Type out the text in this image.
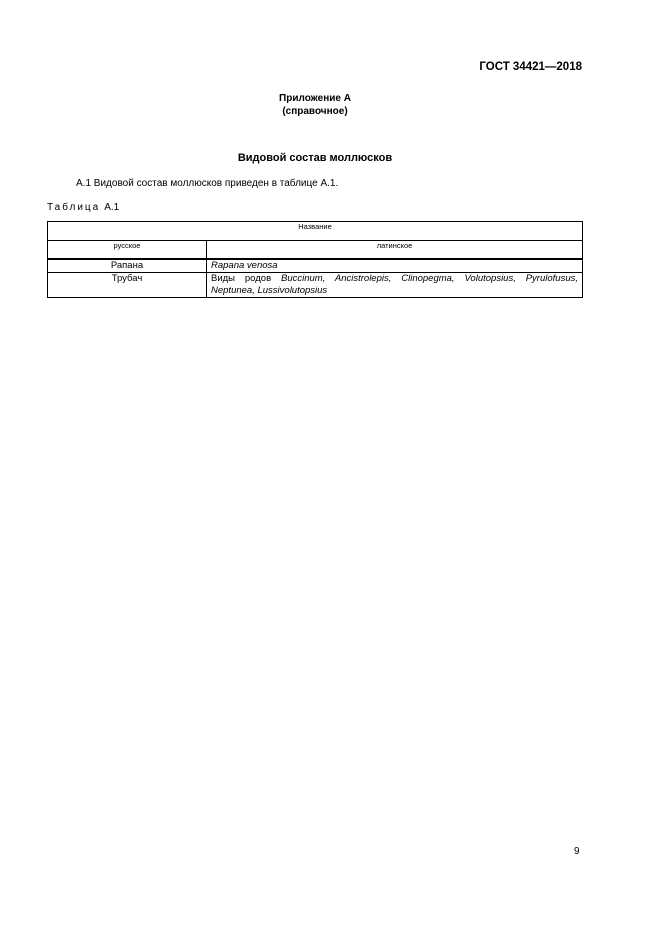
ГОСТ 34421—2018
Приложение А
(справочное)
Видовой состав моллюсков
А.1 Видовой состав моллюсков приведен в таблице А.1.
Таблица А.1
Название	
русское	латинское
Рапана	Rapana venosa
Трубач	Виды родов Buccinum, Ancistrolepis, Clinopegma, Volutopsius, Pyrulofusus, Neptunea, Lussivolutopsius
9
